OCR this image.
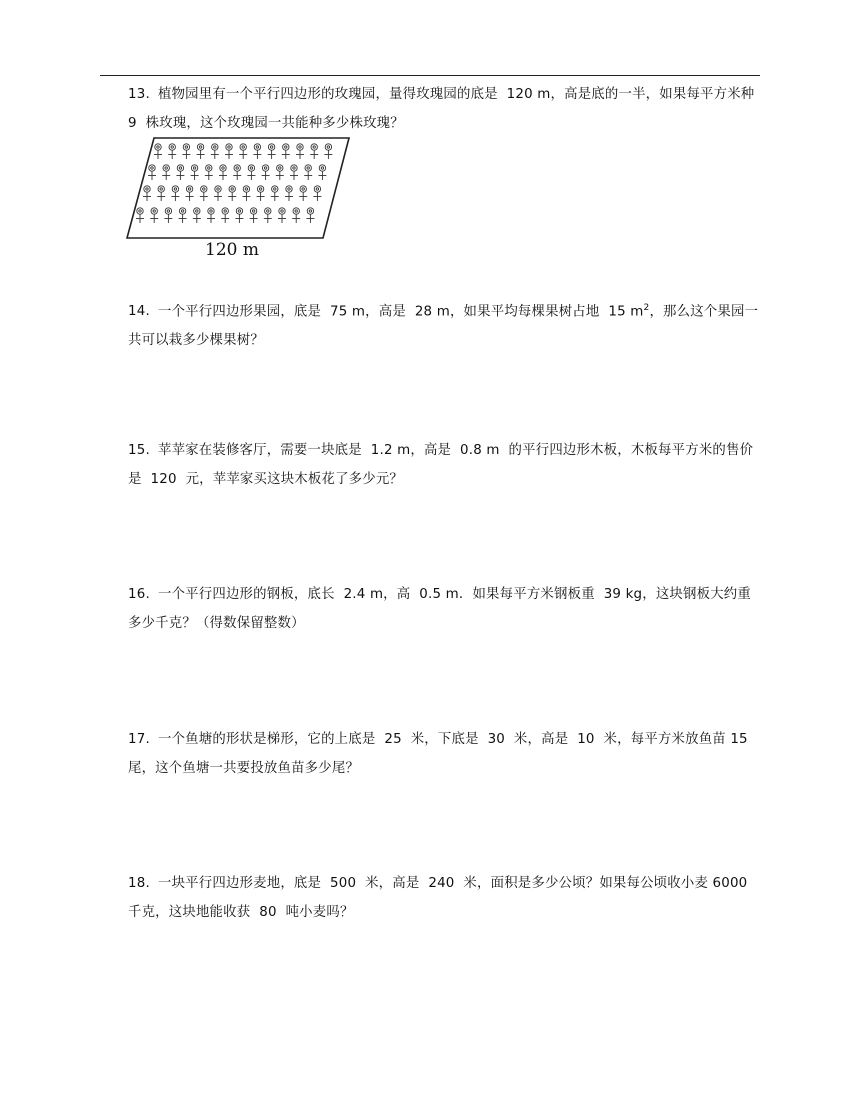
13. 植物园里有一个平行四边形的玫瑰园，量得玫瑰园的底是  120 m，高是底的一半，如果每平方米种  9  株玫瑰，这个玫瑰园一共能种多少株玫瑰？
120 m
14. 一个平行四边形果园，底是  75 m，高是  28 m，如果平均每棵果树占地  15 $m^2$，那么这个果园一共可以栽多少棵果树？
15. 苹苹家在装修客厅，需要一块底是  1.2 m，高是  0.8 m  的平行四边形木板，木板每平方米的售价是  120  元，苹苹家买这块木板花了多少元？
16. 一个平行四边形的钢板，底长  2.4 m，高  0.5 m．如果每平方米钢板重  39 kg，这块钢板大约重多少千克？（得数保留整数）
17. 一个鱼塘的形状是梯形，它的上底是  25  米，下底是  30  米，高是  10  米，每平方米放鱼苗 15  尾，这个鱼塘一共要投放鱼苗多少尾？
18. 一块平行四边形麦地，底是  500  米，高是  240  米，面积是多少公顷？如果每公顷收小麦 6000  千克，这块地能收获  80  吨小麦吗？
